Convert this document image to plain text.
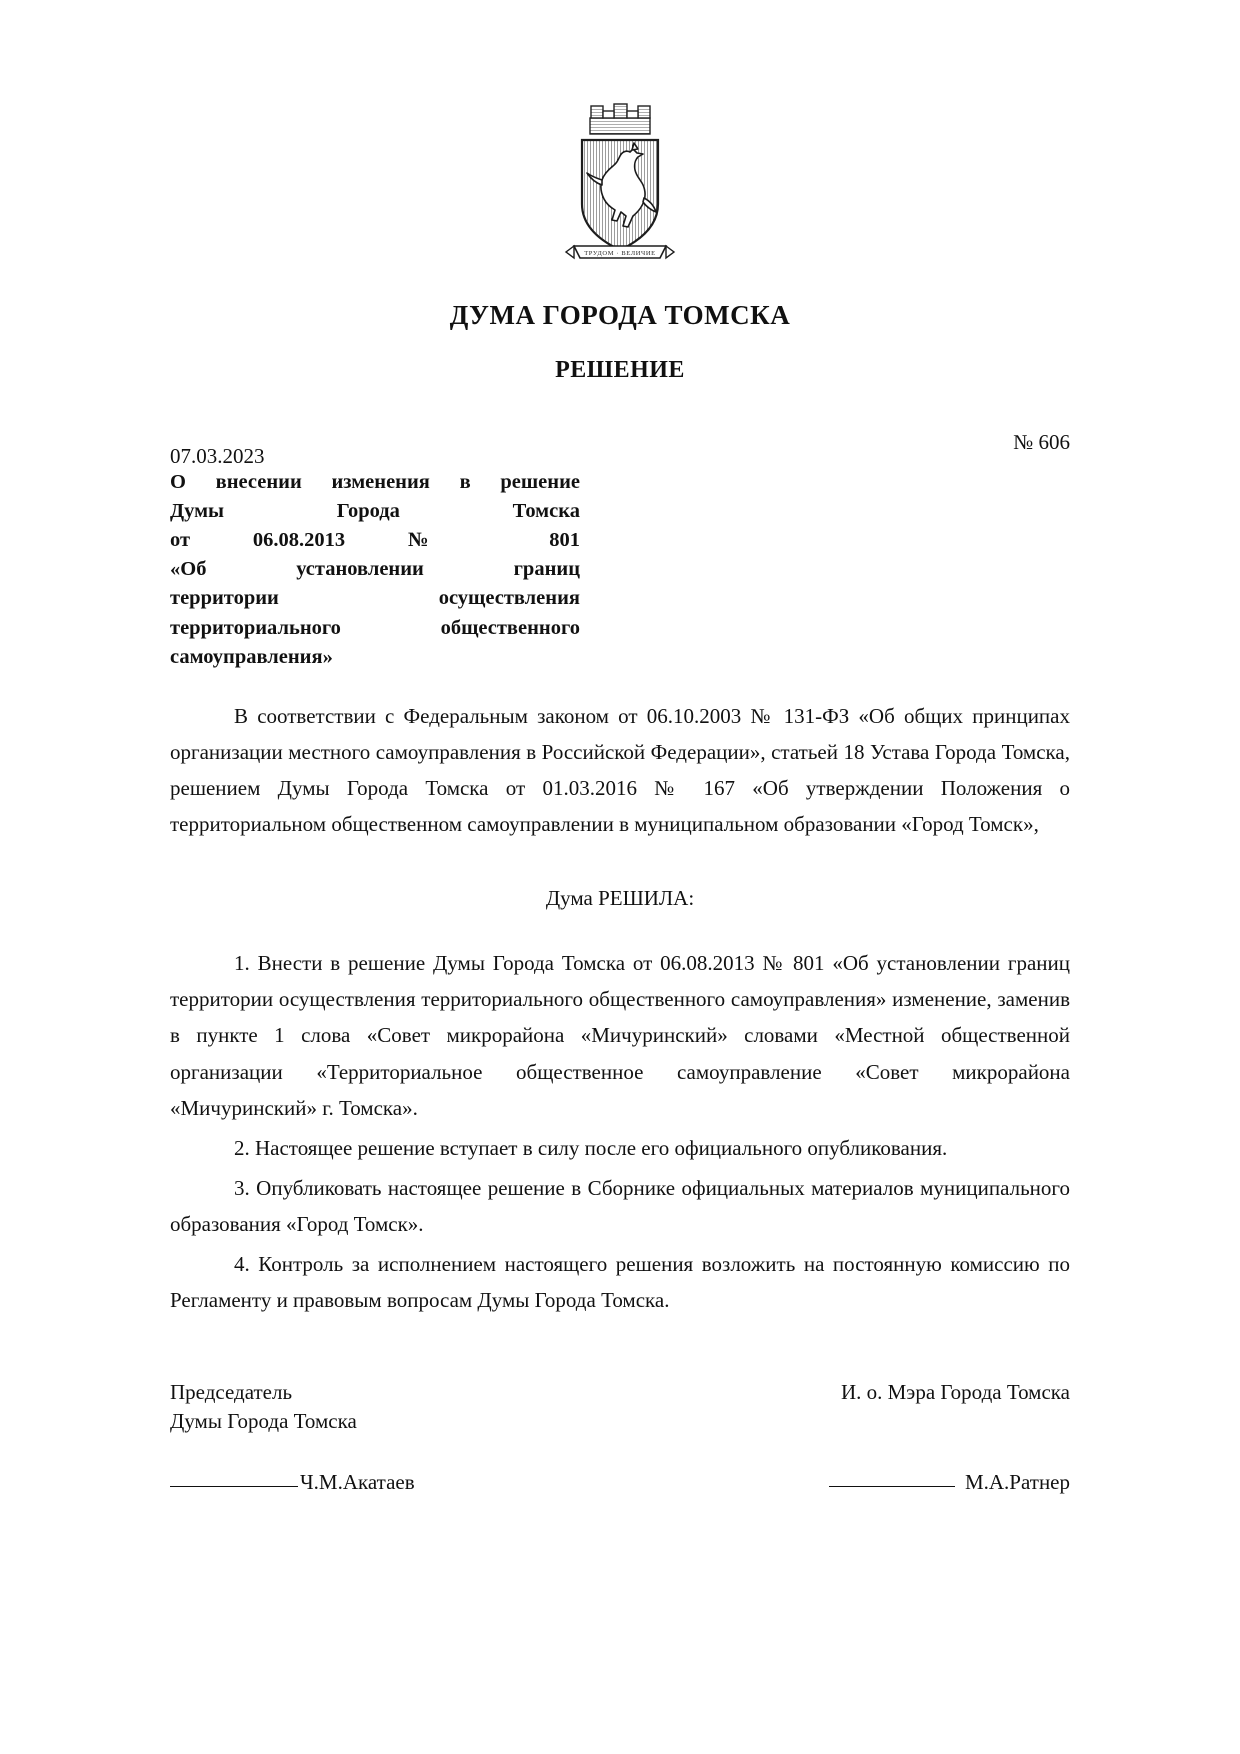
ТРУДОМ · ВЕЛИЧИЕ
ДУМА ГОРОДА ТОМСКА
РЕШЕНИЕ
07.03.2023
№ 606
О внесении изменения в решение
Думы Города Томска
от 06.08.2013 № 801
«Об установлении границ
территории осуществления
территориального общественного
самоуправления»
В соответствии с Федеральным законом от 06.10.2003 № 131-ФЗ «Об общих принципах организации местного самоуправления в Российской Федерации», статьей 18 Устава Города Томска, решением Думы Города Томска от 01.03.2016 № 167 «Об утверждении Положения о территориальном общественном самоуправлении в муниципальном образовании «Город Томск»,
Дума РЕШИЛА:
1. Внести в решение Думы Города Томска от 06.08.2013 № 801 «Об установлении границ территории осуществления территориального общественного самоуправления» изменение, заменив в пункте 1 слова «Совет микрорайона «Мичуринский» словами «Местной общественной организации «Территориальное общественное самоуправление «Совет микрорайона «Мичуринский» г. Томска».
2. Настоящее решение вступает в силу после его официального опубликования.
3. Опубликовать настоящее решение в Сборнике официальных материалов муниципального образования «Город Томск».
4. Контроль за исполнением настоящего решения возложить на постоянную комиссию по Регламенту и правовым вопросам Думы Города Томска.
Председатель
Думы Города Томска
И. о. Мэра Города Томска
Ч.М.Акатаев	М.А.Ратнер
